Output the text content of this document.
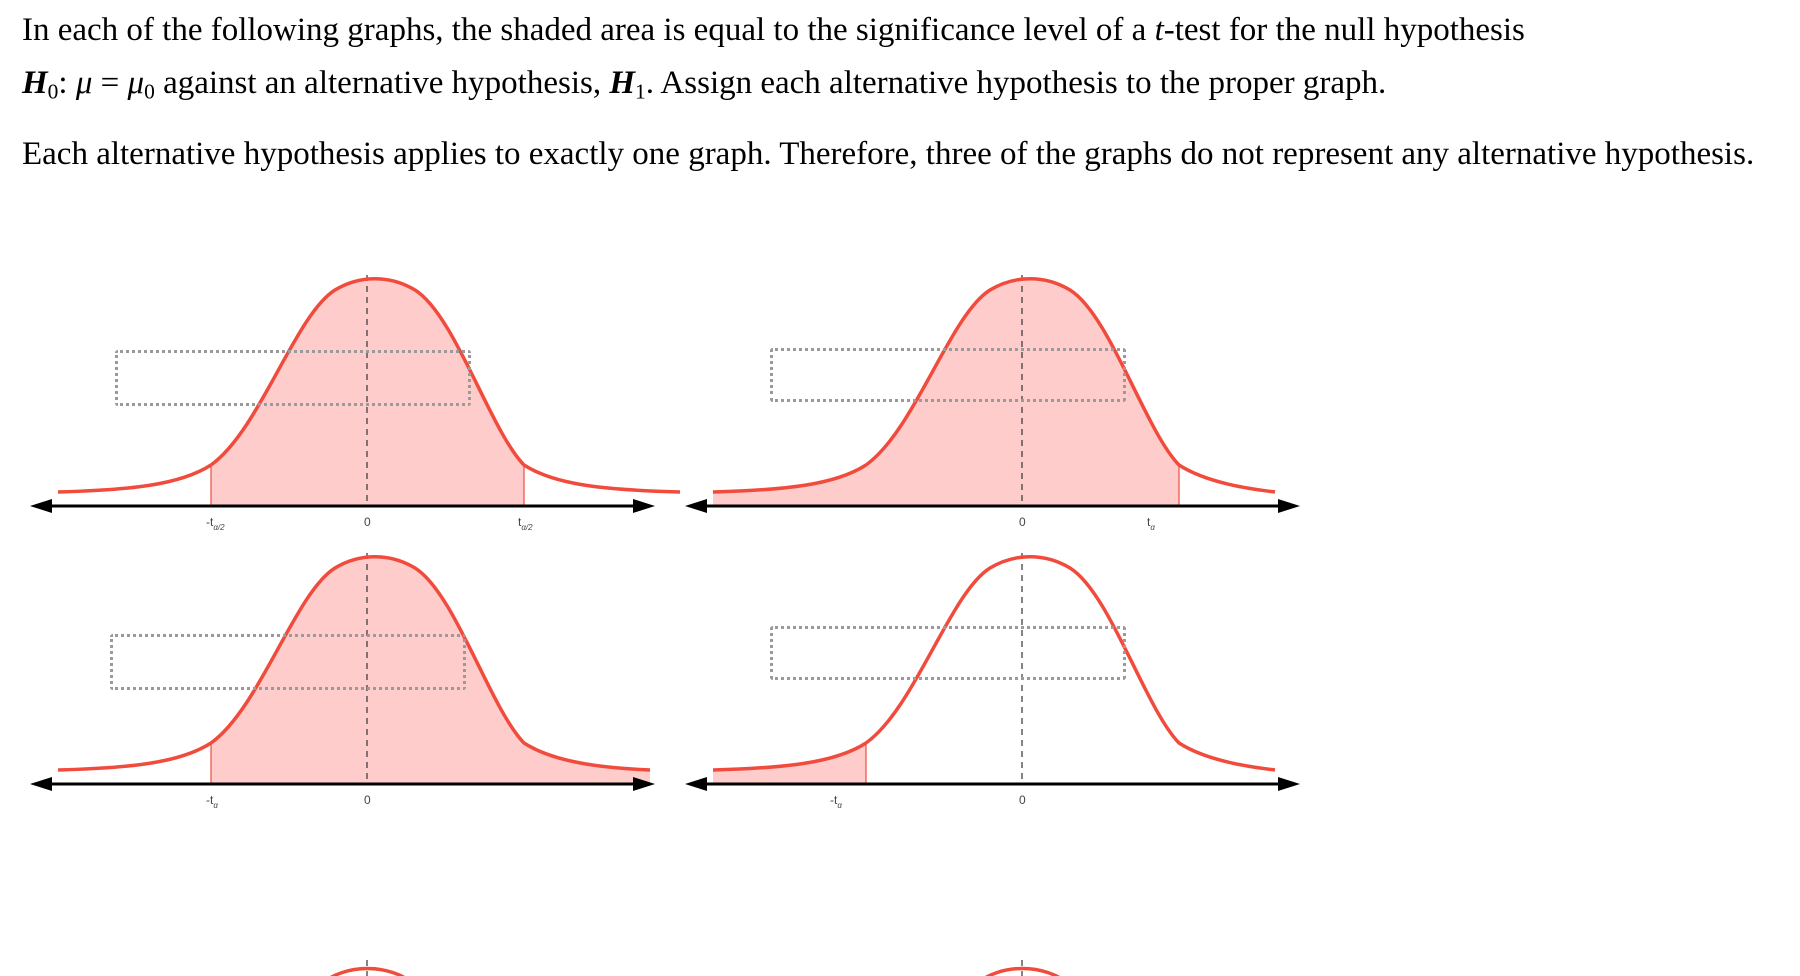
In each of the following graphs, the shaded area is equal to the significance level of a t-test for the null hypothesis
$H_0$: $\mu = \mu_0$ against an alternative hypothesis, $H_1$. Assign each alternative hypothesis to the proper graph.

Each alternative hypothesis applies to exactly one graph. Therefore, three of the graphs do not represent any alternative hypothesis.

$-t_{\alpha/2}$	0	$t_{\alpha/2}$	0	$t_\alpha$
$-t_\alpha$	0	$-t_\alpha$	0
